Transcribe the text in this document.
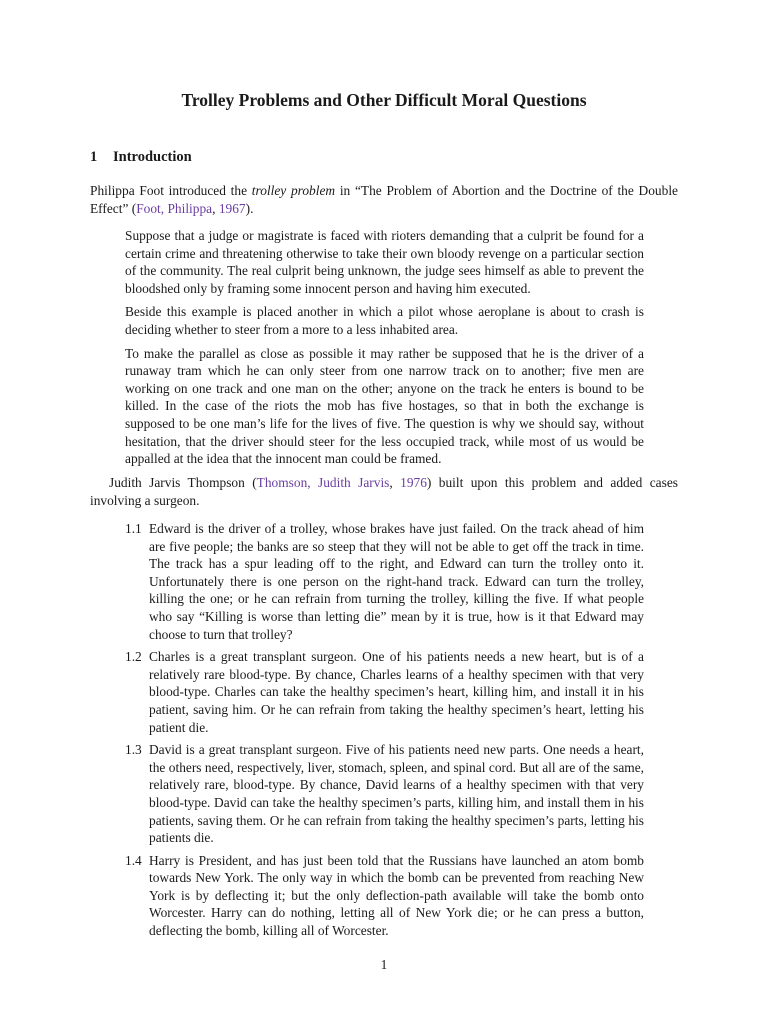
Trolley Problems and Other Difficult Moral Questions
1 Introduction

Philippa Foot introduced the trolley problem in “The Problem of Abortion and the Doctrine of the Double Effect” (Foot, Philippa, 1967).

Suppose that a judge or magistrate is faced with rioters demanding that a culprit be found for a certain crime and threatening otherwise to take their own bloody revenge on a particular section of the community. The real culprit being unknown, the judge sees himself as able to prevent the bloodshed only by framing some innocent person and having him executed.

Beside this example is placed another in which a pilot whose aeroplane is about to crash is deciding whether to steer from a more to a less inhabited area.

To make the parallel as close as possible it may rather be supposed that he is the driver of a runaway tram which he can only steer from one narrow track on to another; five men are working on one track and one man on the other; anyone on the track he enters is bound to be killed. In the case of the riots the mob has five hostages, so that in both the exchange is supposed to be one man’s life for the lives of five. The question is why we should say, without hesitation, that the driver should steer for the less occupied track, while most of us would be appalled at the idea that the innocent man could be framed.

Judith Jarvis Thompson (Thomson, Judith Jarvis, 1976) built upon this problem and added cases involving a surgeon.

1.1 Edward is the driver of a trolley, whose brakes have just failed. On the track ahead of him are five people; the banks are so steep that they will not be able to get off the track in time. The track has a spur leading off to the right, and Edward can turn the trolley onto it. Unfortunately there is one person on the right-hand track. Edward can turn the trolley, killing the one; or he can refrain from turning the trolley, killing the five. If what people who say “Killing is worse than letting die” mean by it is true, how is it that Edward may choose to turn that trolley?
1.2 Charles is a great transplant surgeon. One of his patients needs a new heart, but is of a relatively rare blood-type. By chance, Charles learns of a healthy specimen with that very blood-type. Charles can take the healthy specimen’s heart, killing him, and install it in his patient, saving him. Or he can refrain from taking the healthy specimen’s heart, letting his patient die.
1.3 David is a great transplant surgeon. Five of his patients need new parts. One needs a heart, the others need, respectively, liver, stomach, spleen, and spinal cord. But all are of the same, relatively rare, blood-type. By chance, David learns of a healthy specimen with that very blood-type. David can take the healthy specimen’s parts, killing him, and install them in his patients, saving them. Or he can refrain from taking the healthy specimen’s parts, letting his patients die.
1.4 Harry is President, and has just been told that the Russians have launched an atom bomb towards New York. The only way in which the bomb can be prevented from reaching New York is by deflecting it; but the only deflection-path available will take the bomb onto Worcester. Harry can do nothing, letting all of New York die; or he can press a button, deflecting the bomb, killing all of Worcester.
1
